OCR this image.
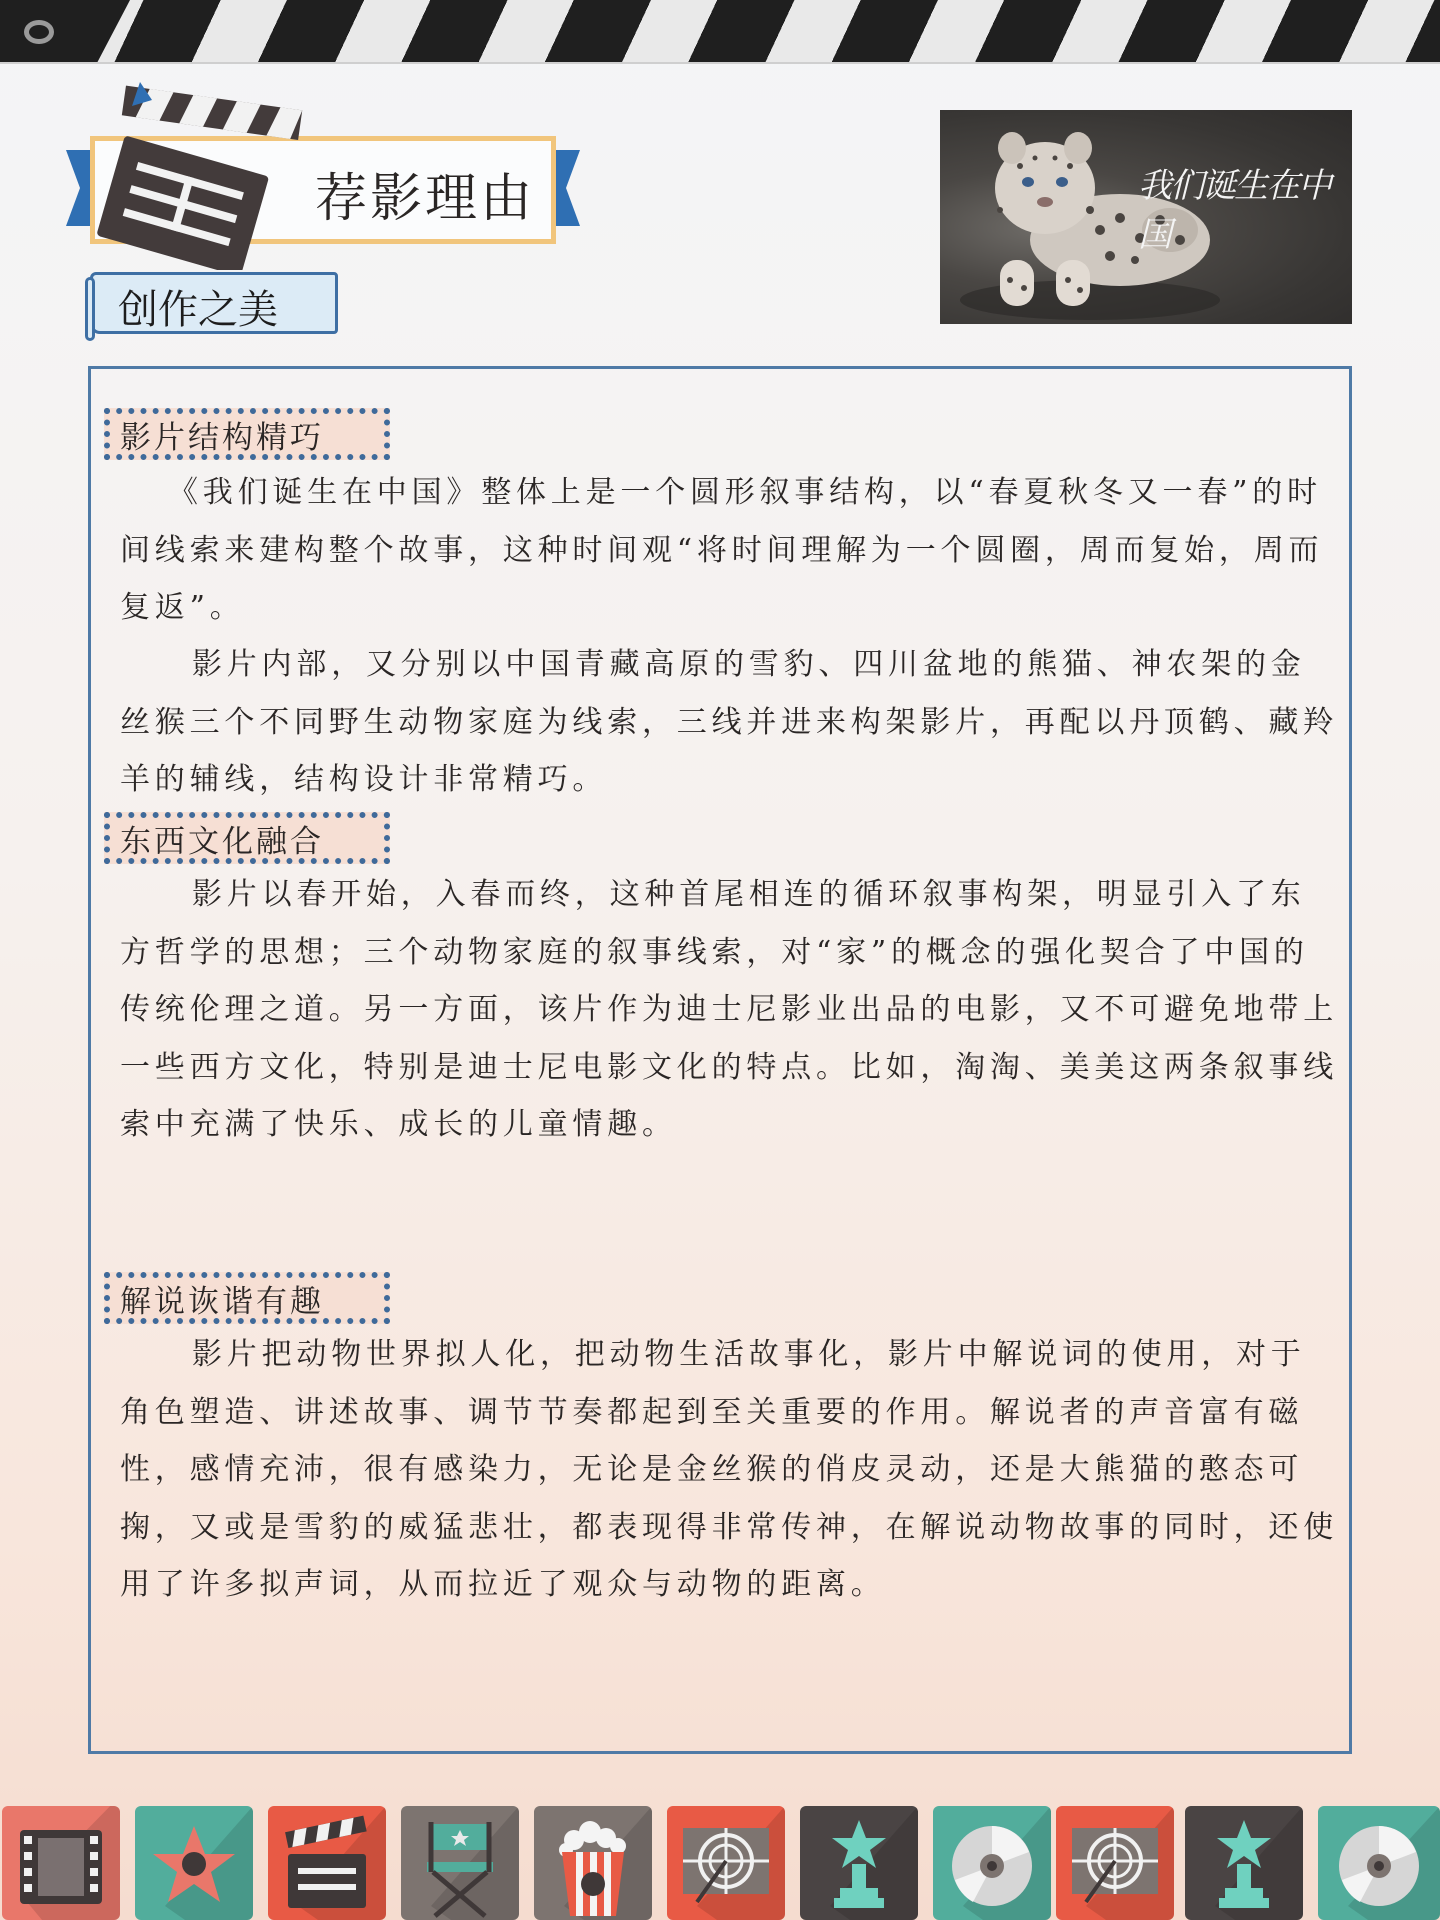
荐影理由
创作之美
我们诞生在中国
影片结构精巧

《我们诞生在中国》整体上是一个圆形叙事结构，以“春夏秋冬又一春”的时间线索来建构整个故事，这种时间观“将时间理解为一个圆圈，周而复始，周而复返”。

影片内部，又分别以中国青藏高原的雪豹、四川盆地的熊猫、神农架的金丝猴三个不同野生动物家庭为线索，三线并进来构架影片，再配以丹顶鹤、藏羚羊的辅线，结构设计非常精巧。

东西文化融合

影片以春开始，入春而终，这种首尾相连的循环叙事构架，明显引入了东方哲学的思想；三个动物家庭的叙事线索，对“家”的概念的强化契合了中国的传统伦理之道。另一方面，该片作为迪士尼影业出品的电影，又不可避免地带上一些西方文化，特别是迪士尼电影文化的特点。比如，淘淘、美美这两条叙事线索中充满了快乐、成长的儿童情趣。

解说诙谐有趣

影片把动物世界拟人化，把动物生活故事化，影片中解说词的使用，对于角色塑造、讲述故事、调节节奏都起到至关重要的作用。解说者的声音富有磁性，感情充沛，很有感染力，无论是金丝猴的俏皮灵动，还是大熊猫的憨态可掬，又或是雪豹的威猛悲壮，都表现得非常传神，在解说动物故事的同时，还使用了许多拟声词，从而拉近了观众与动物的距离。
